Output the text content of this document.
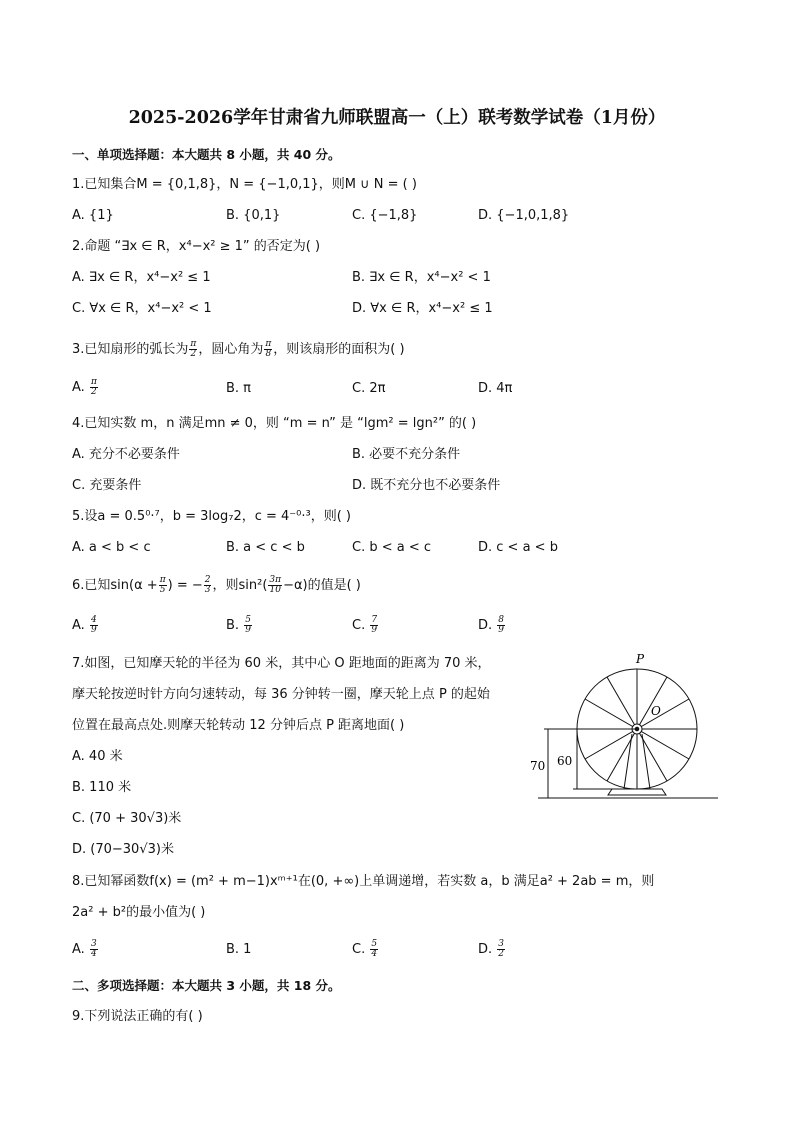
2025-2026学年甘肃省九师联盟高一（上）联考数学试卷（1月份）
一、单项选择题：本大题共 8 小题，共 40 分。
1.已知集合M = {0,1,8}，N = {−1,0,1}，则M ∪ N = ( )
A. {1}	B. {0,1}	C. {−1,8}	D. {−1,0,1,8}
2.命题 “∃x ∈ R，x⁴−x² ≥ 1” 的否定为( )
A. ∃x ∈ R，x⁴−x² ≤ 1	B. ∃x ∈ R，x⁴−x² < 1
C. ∀x ∈ R，x⁴−x² < 1	D. ∀x ∈ R，x⁴−x² ≤ 1
3.已知扇形的弧长为 $\frac{\pi}{2}$ ，圆心角为 $\frac{\pi}{8}$ ，则该扇形的面积为( )
A. $\frac{\pi}{2}$	B. π	C. 2π	D. 4π
4.已知实数 m，n 满足mn ≠ 0，则 “m = n” 是 “lgm² = lgn²” 的( )
A. 充分不必要条件	B. 必要不充分条件
C. 充要条件	D. 既不充分也不必要条件
5.设a = 0.5⁰·⁷，b = 3log₇2，c = 4⁻⁰·³，则( )
A. a < b < c	B. a < c < b	C. b < a < c	D. c < a < b
6.已知$\sin(\alpha + \frac{\pi}{5}$ ) = − $\frac{2}{3}$ ，则$\sin^2( \frac{3\pi}{10} -\alpha)$的值是( )
A. $\frac{4}{9}$	B. $\frac{5}{9}$	C. $\frac{7}{9}$	D. $\frac{8}{9}$
7.如图，已知摩天轮的半径为 60 米，其中心 O 距地面的距离为 70 米，
摩天轮按逆时针方向匀速转动，每 36 分钟转一圈，摩天轮上点 P 的起始
位置在最高点处.则摩天轮转动 12 分钟后点 P 距离地面( )
A. 40 米
B. 110 米
C. (70 + 30√3)米
D. (70−30√3)米
P
O
70 60
8.已知幂函数f(x) = (m² + m−1)xᵐ⁺¹在(0, +∞)上单调递增，若实数 a，b 满足a² + 2ab = m，则
2a² + b²的最小值为( )
A. $\frac{3}{4}$	B. 1	C. $\frac{5}{4}$	D. $\frac{3}{2}$
二、多项选择题：本大题共 3 小题，共 18 分。
9.下列说法正确的有( )
